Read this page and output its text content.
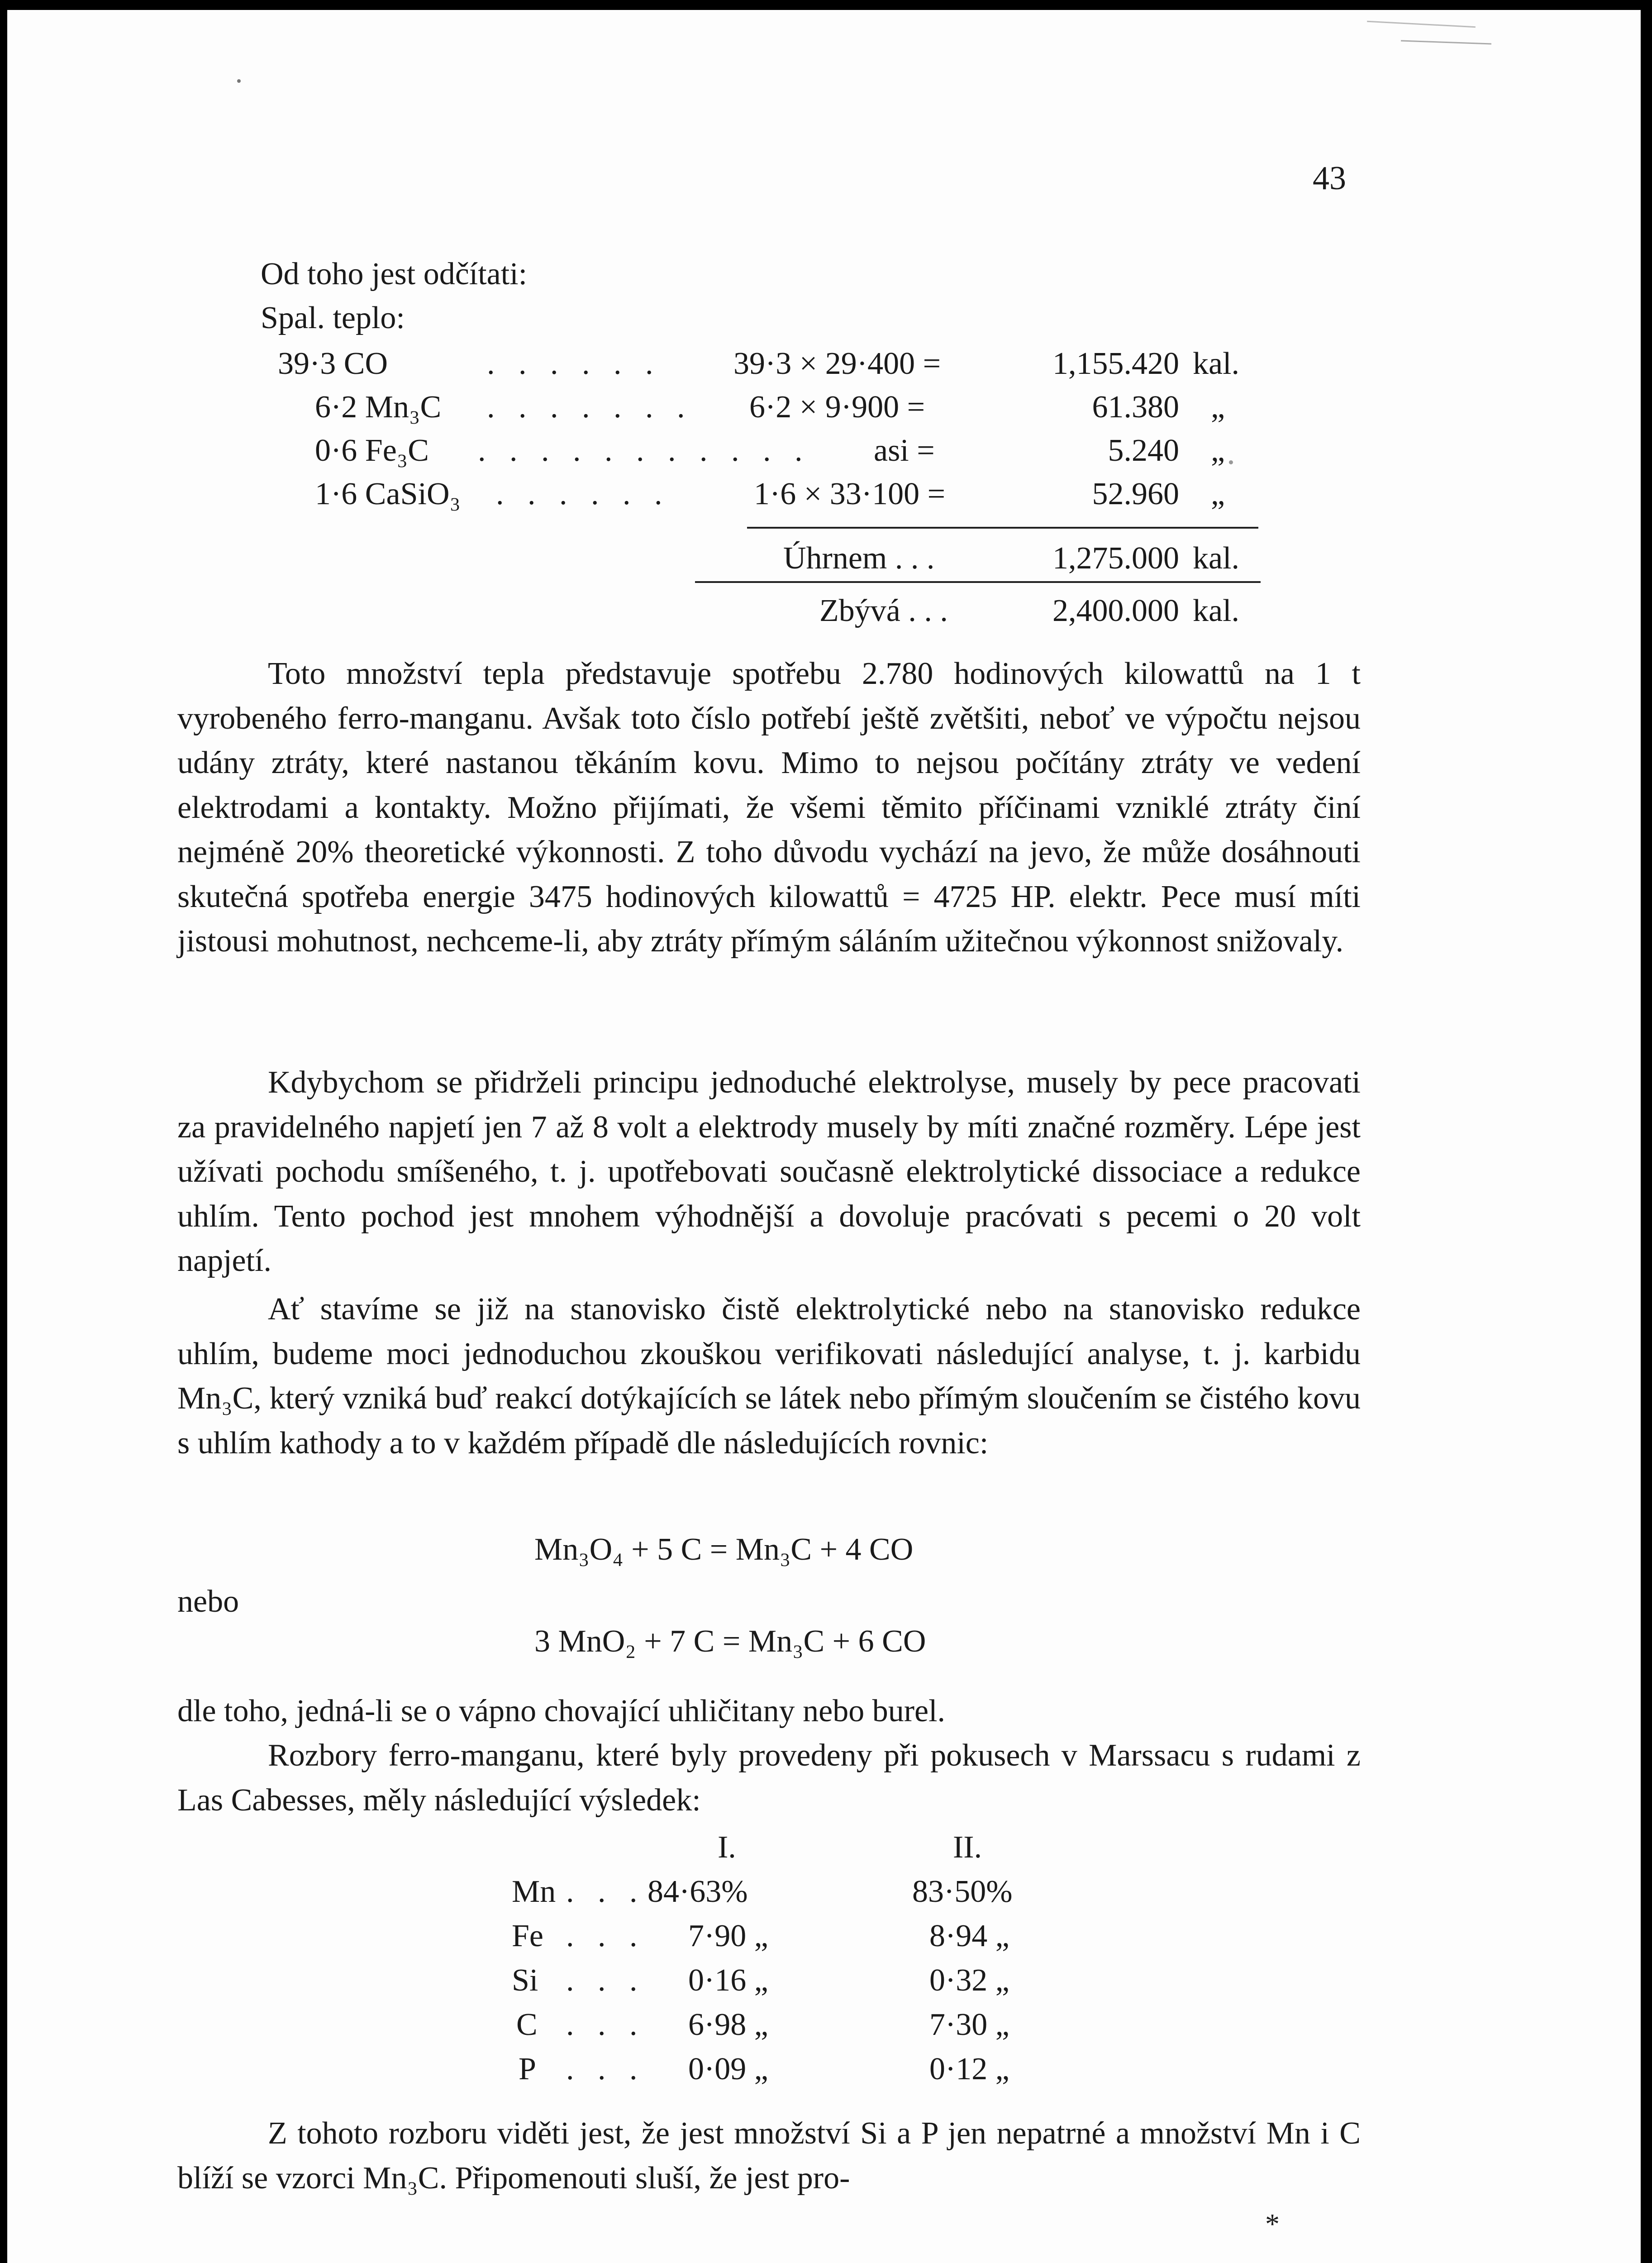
43
Od toho jest odčítati:
Spal. teplo:
39·3 CO	. . . . . . 39·3 × 29·400 =	1,155.420 kal.
6·2 Mn₃C . . . . . . . 6·2 × 9·900 =	61.380 „
0·6 Fe₃C . . . . . . . . . . . asi =	5.240 „
1·6 CaSiO₃ . . . . . .	1·6 × 33·100 =	52.960 „
Úhrnem . . .	1,275.000 kal.
Zbývá . . .	2,400.000 kal.
Toto množství tepla představuje spotřebu 2.780 hodinových kilowattů na 1 t vyrobeného ferro-manganu. Avšak toto číslo potřebí ještě zvětšiti, neboť ve výpočtu nejsou udány ztráty, které nastanou těkáním kovu. Mimo to nejsou počítány ztráty ve vedení elektrodami a kontakty. Možno přijímati, že všemi těmito příčinami vzniklé ztráty činí nejméně 20% theoretické výkonnosti. Z toho důvodu vychází na jevo, že může dosáhnouti skutečná spotřeba energie 3475 hodinových kilowattů = 4725 HP. elektr. Pece musí míti jistousi mohutnost, nechceme-li, aby ztráty přímým sáláním užitečnou výkonnost snižovaly.
Kdybychom se přidrželi principu jednoduché elektrolyse, musely by pece pracovati za pravidelného napjetí jen 7 až 8 volt a elektrody musely by míti značné rozměry. Lépe jest užívati pochodu smíšeného, t. j. upotřebovati současně elektrolytické dissociace a redukce uhlím. Tento pochod jest mnohem výhodnější a dovoluje pracóvati s pecemi o 20 volt napjetí.
Ať stavíme se již na stanovisko čistě elektrolytické nebo na stanovisko redukce uhlím, budeme moci jednoduchou zkouškou verifikovati následující analyse, t. j. karbidu Mn₃C, který vzniká buď reakcí dotýkajících se látek nebo přímým sloučením se čistého kovu s uhlím kathody a to v každém případě dle následujících rovnic:
Mn₃O₄ + 5 C = Mn₃C + 4 CO
nebo
3 MnO₂ + 7 C = Mn₃C + 6 CO
dle toho, jedná-li se o vápno chovající uhličitany nebo burel.
Rozbory ferro-manganu, které byly provedeny při pokusech v Marssacu s rudami z Las Cabesses, měly následující výsledek:
I.	II.
Mn . . . 84·63%	83·50%
Fe . . . 7·90 „	8·94 „
Si . . . 0·16 „	0·32 „
C . . . 6·98 „	7·30 „
P . . . 0·09 „	0·12 „
Z tohoto rozboru viděti jest, že jest množství Si a P jen nepatrné a množství Mn i C blíží se vzorci Mn₃C. Připomenouti sluší, že jest pro-
*
